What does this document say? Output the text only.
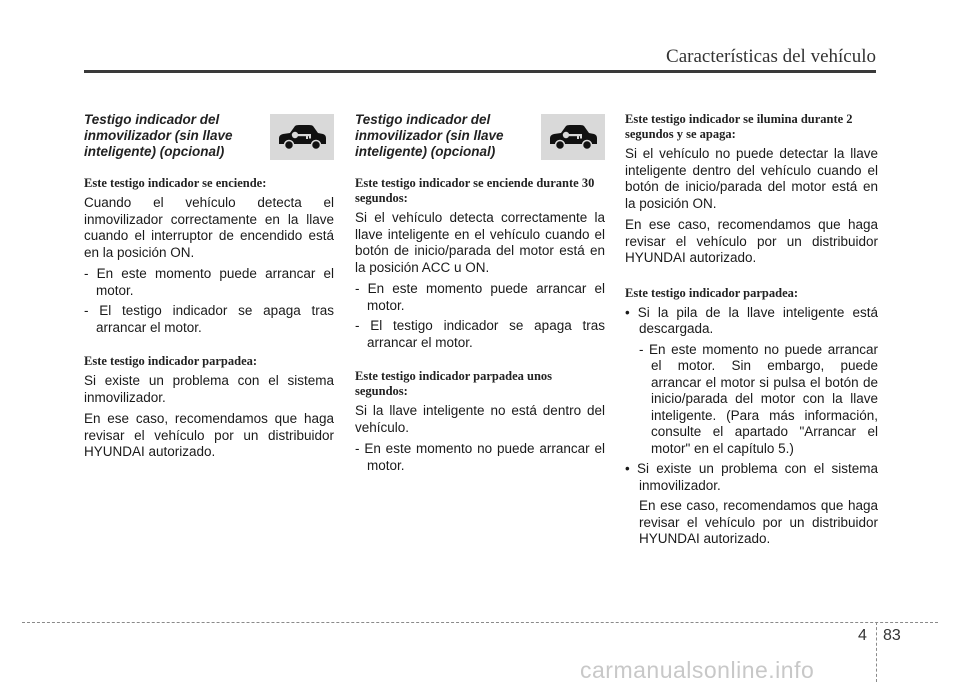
Características del vehículo
Testigo indicador del inmovilizador (sin llave inteligente) (opcional)
Este testigo indicador se enciende:
Cuando el vehículo detecta el inmovilizador correctamente en la llave cuando el interruptor de encendido está en la posición ON.
- En este momento puede arrancar el motor.
- El testigo indicador se apaga tras arrancar el motor.
Este testigo indicador parpadea:
Si existe un problema con el sistema inmovilizador.
En ese caso, recomendamos que haga revisar el vehículo por un distribuidor HYUNDAI autorizado.
Testigo indicador del inmovilizador (sin llave inteligente) (opcional)
Este testigo indicador se enciende durante 30 segundos:
Si el vehículo detecta correctamente la llave inteligente en el vehículo cuando el botón de inicio/parada del motor está en la posición ACC u ON.
- En este momento puede arrancar el motor.
- El testigo indicador se apaga tras arrancar el motor.
Este testigo indicador parpadea unos segundos:
Si la llave inteligente no está dentro del vehículo.
- En este momento no puede arrancar el motor.
Este testigo indicador se ilumina durante 2 segundos y se apaga:
Si el vehículo no puede detectar la llave inteligente dentro del vehículo cuando el botón de inicio/parada del motor está en la posición ON.
En ese caso, recomendamos que haga revisar el vehículo por un distribuidor HYUNDAI autorizado.
Este testigo indicador parpadea:
• Si la pila de la llave inteligente está descargada.
- En este momento no puede arrancar el motor. Sin embargo, puede arrancar el motor si pulsa el botón de inicio/parada del motor con la llave inteligente. (Para más información, consulte el apartado "Arrancar el motor" en el capítulo 5.)
• Si existe un problema con el sistema inmovilizador.
En ese caso, recomendamos que haga revisar el vehículo por un distribuidor HYUNDAI autorizado.
4 83
carmanualsonline.info
